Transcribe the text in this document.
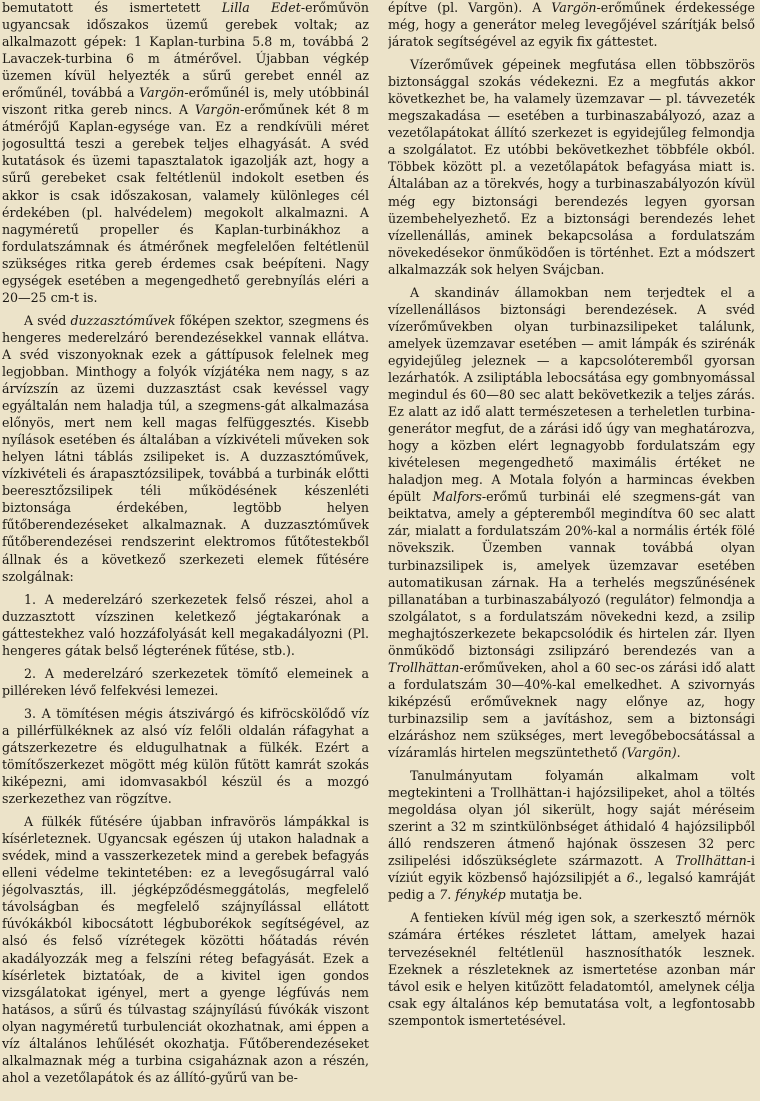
bemutatott és ismertetett Lilla Edet-erőművön ugyancsak időszakos üzemű gerebek voltak; az alkalmazott gépek: 1 Kaplan-turbina 5.8 m, továbbá 2 Lavaczek-turbina 6 m átmérővel. Újabban végkép üzemen kívül helyezték a sűrű gerebet ennél az erőműnél, továbbá a Vargön-erőműnél is, mely utóbbinál viszont ritka gereb nincs. A Vargön-erőműnek két 8 m átmérőjű Kaplan-egysége van. Ez a rendkívüli méret jogosulttá teszi a gerebek teljes elhagyását. A svéd kutatások és üzemi tapasztalatok igazolják azt, hogy a sűrű gerebeket csak feltétlenül indokolt esetben és akkor is csak időszakosan, valamely különleges cél érdekében (pl. halvédelem) megokolt alkalmazni. A nagyméretű propeller és Kaplan-turbinákhoz a fordulatszámnak és átmérőnek megfelelően feltétlenül szükséges ritka gereb érdemes csak beépíteni. Nagy egységek esetében a megengedhető gerebnyílás eléri a 20—25 cm-t is.

A svéd duzzasztóművek főképen szektor, szegmens és hengeres mederelzáró berendezésekkel vannak ellátva. A svéd viszonyoknak ezek a gáttípusok felelnek meg legjobban. Minthogy a folyók vízjátéka nem nagy, s az árvízszín az üzemi duzzasztást csak kevéssel vagy egyáltalán nem haladja túl, a szegmens-gát alkalmazása előnyös, mert nem kell magas felfüggesztés. Kisebb nyílások esetében és általában a vízkivételi műveken sok helyen látni táblás zsilipeket is. A duzzasztóművek, vízkivételi és árapasztózsilipek, továbbá a turbinák előtti beeresztőzsilipek téli működésének készenléti biztonsága érdekében, legtöbb helyen fűtőberendezéseket alkalmaznak. A duzzasztóművek fűtőberendezései rendszerint elektromos fűtőtestekből állnak és a következő szerkezeti elemek fűtésére szolgálnak:

1. A mederelzáró szerkezetek felső részei, ahol a duzzasztott vízszinen keletkező jégtakarónak a gáttestekhez való hozzáfolyását kell megakadályozni (Pl. hengeres gátak belső légterének fűtése, stb.).

2. A mederelzáró szerkezetek tömítő elemeinek a pilléreken lévő felfekvési lemezei.

3. A tömítésen mégis átszivárgó és kifröcskölődő víz a pillérfülkéknek az alsó víz felőli oldalán ráfagyhat a gátszerkezetre és eldugulhatnak a fülkék. Ezért a tömítőszerkezet mögött még külön fűtött kamrát szokás kiképezni, ami idomvasakból készül és a mozgó szerkezethez van rögzítve.

A fülkék fűtésére újabban infravörös lámpákkal is kísérleteznek. Ugyancsak egészen új utakon haladnak a svédek, mind a vasszerkezetek mind a gerebek befagyás elleni védelme tekintetében: ez a levegősugárral való jégolvasztás, ill. jégképződésmeggátolás, megfelelő távolságban és megfelelő szájnyílással ellátott fúvókákból kibocsátott légbuborékok segítségével, az alsó és felső vízrétegek közötti hőátadás révén akadályozzák meg a felszíni réteg befagyását. Ezek a kísérletek biztatóak, de a kivitel igen gondos vizsgálatokat igényel, mert a gyenge légfúvás nem hatásos, a sűrű és túlvastag szájnyílású fúvókák viszont olyan nagyméretű turbulenciát okozhatnak, ami éppen a víz általános lehűlését okozhatja. Fűtőberendezéseket alkalmaznak még a turbina csigaháznak azon a részén, ahol a vezetőlapátok és az állító-gyűrű van be-

építve (pl. Vargön). A Vargön-erőműnek érdekessége még, hogy a generátor meleg levegőjével szárítják belső járatok segítségével az egyik fix gáttestet.

Vízerőművek gépeinek megfutása ellen többszörös biztonsággal szokás védekezni. Ez a megfutás akkor következhet be, ha valamely üzemzavar — pl. távvezeték megszakadása — esetében a turbinaszabályozó, azaz a vezetőlapátokat állító szerkezet is egyidejűleg felmondja a szolgálatot. Ez utóbbi bekövetkezhet többféle okból. Többek között pl. a vezetőlapátok befagyása miatt is. Általában az a törekvés, hogy a turbinaszabályozón kívül még egy biztonsági berendezés legyen gyorsan üzembehelyezhető. Ez a biztonsági berendezés lehet vízellenállás, aminek bekapcsolása a fordulatszám növekedésekor önműködően is történhet. Ezt a módszert alkalmazzák sok helyen Svájcban.

A skandináv államokban nem terjedtek el a vízellenállásos biztonsági berendezések. A svéd vízerőművekben olyan turbinazsilipeket találunk, amelyek üzemzavar esetében — amit lámpák és szirénák egyidejűleg jeleznek — a kapcsolóteremből gyorsan lezárhatók. A zsiliptábla lebocsátása egy gombnyomással megindul és 60—80 sec alatt bekövetkezik a teljes zárás. Ez alatt az idő alatt természetesen a terheletlen turbina-generátor megfut, de a zárási idő úgy van meghatározva, hogy a közben elért legnagyobb fordulatszám egy kivételesen megengedhető maximális értéket ne haladjon meg. A Motala folyón a harmincas években épült Malfors-erőmű turbinái elé szegmens-gát van beiktatva, amely a gépteremből megindítva 60 sec alatt zár, mialatt a fordulatszám 20%-kal a normális érték fölé növekszik. Üzemben vannak továbbá olyan turbinazsilipek is, amelyek üzemzavar esetében automatikusan zárnak. Ha a terhelés megszűnésének pillanatában a turbinaszabályozó (regulátor) felmondja a szolgálatot, s a fordulatszám növekedni kezd, a zsilip meghajtószerkezete bekapcsolódik és hirtelen zár. Ilyen önműködő biztonsági zsilipzáró berendezés van a Trollhättan-erőműveken, ahol a 60 sec-os zárási idő alatt a fordulatszám 30—40%-kal emelkedhet. A szivornyás kiképzésű erőműveknek nagy előnye az, hogy turbinazsilip sem a javításhoz, sem a biztonsági elzáráshoz nem szükséges, mert levegőbebocsátással a vízáramlás hirtelen megszüntethető (Vargön).

Tanulmányutam folyamán alkalmam volt megtekinteni a Trollhättan-i hajózsilipeket, ahol a töltés megoldása olyan jól sikerült, hogy saját méréseim szerint a 32 m szintkülönbséget áthidaló 4 hajózsilipből álló rendszeren átmenő hajónak összesen 32 perc zsilipelési időszükséglete származott. A Trollhättan-i víziút egyik közbenső hajózsilipjét a 6., legalsó kamráját pedig a 7. fénykép mutatja be.

A fentieken kívül még igen sok, a szerkesztő mérnök számára értékes részletet láttam, amelyek hazai tervezéseknél feltétlenül hasznosíthatók lesznek. Ezeknek a részleteknek az ismertetése azonban már távol esik e helyen kitűzött feladatomtól, amelynek célja csak egy általános kép bemutatása volt, a legfontosabb szempontok ismertetésével.
